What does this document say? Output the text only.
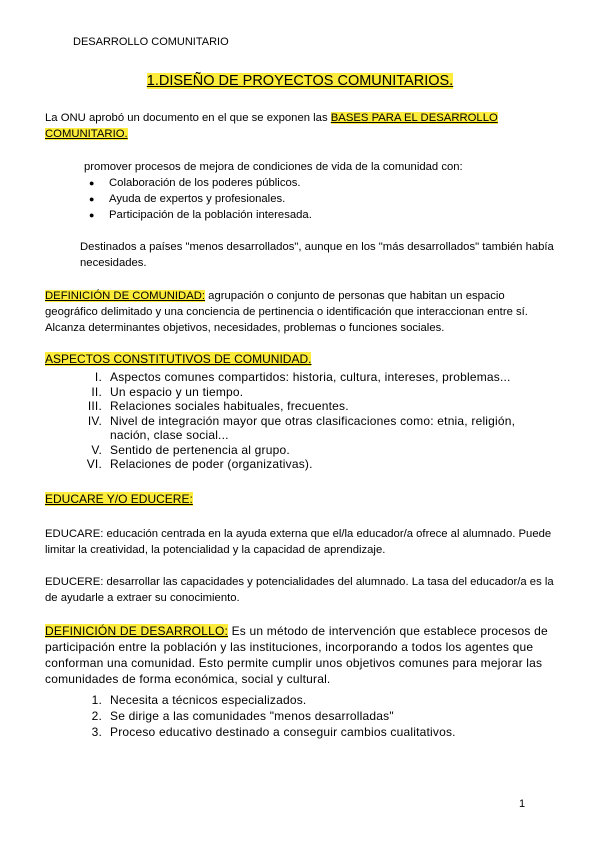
DESARROLLO COMUNITARIO
1.DISEÑO DE PROYECTOS COMUNITARIOS.
La ONU aprobó un documento en el que se exponen las BASES PARA EL DESARROLLO COMUNITARIO.
promover procesos de mejora de condiciones de vida de la comunidad con:
● Colaboración de los poderes públicos.
● Ayuda de expertos y profesionales.
● Participación de la población interesada.
Destinados a países "menos desarrollados", aunque en los "más desarrollados" también había necesidades.
DEFINICIÓN DE COMUNIDAD: agrupación o conjunto de personas que habitan un espacio geográfico delimitado y una conciencia de pertinencia o identificación que interaccionan entre sí. Alcanza determinantes objetivos, necesidades, problemas o funciones sociales.
ASPECTOS CONSTITUTIVOS DE COMUNIDAD.
I. Aspectos comunes compartidos: historia, cultura, intereses, problemas...
II. Un espacio y un tiempo.
III. Relaciones sociales habituales, frecuentes.
IV. Nivel de integración mayor que otras clasificaciones como: etnia, religión, nación, clase social...
V. Sentido de pertenencia al grupo.
VI. Relaciones de poder (organizativas).
EDUCARE Y/O EDUCERE:
EDUCARE: educación centrada en la ayuda externa que el/la educador/a ofrece al alumnado. Puede limitar la creatividad, la potencialidad y la capacidad de aprendizaje.
EDUCERE: desarrollar las capacidades y potencialidades del alumnado. La tasa del educador/a es la de ayudarle a extraer su conocimiento.
DEFINICIÓN DE DESARROLLO: Es un método de intervención que establece procesos de participación entre la población y las instituciones, incorporando a todos los agentes que conforman una comunidad. Esto permite cumplir unos objetivos comunes para mejorar las comunidades de forma económica, social y cultural.
1. Necesita a técnicos especializados.
2. Se dirige a las comunidades "menos desarrolladas"
3. Proceso educativo destinado a conseguir cambios cualitativos.
1
